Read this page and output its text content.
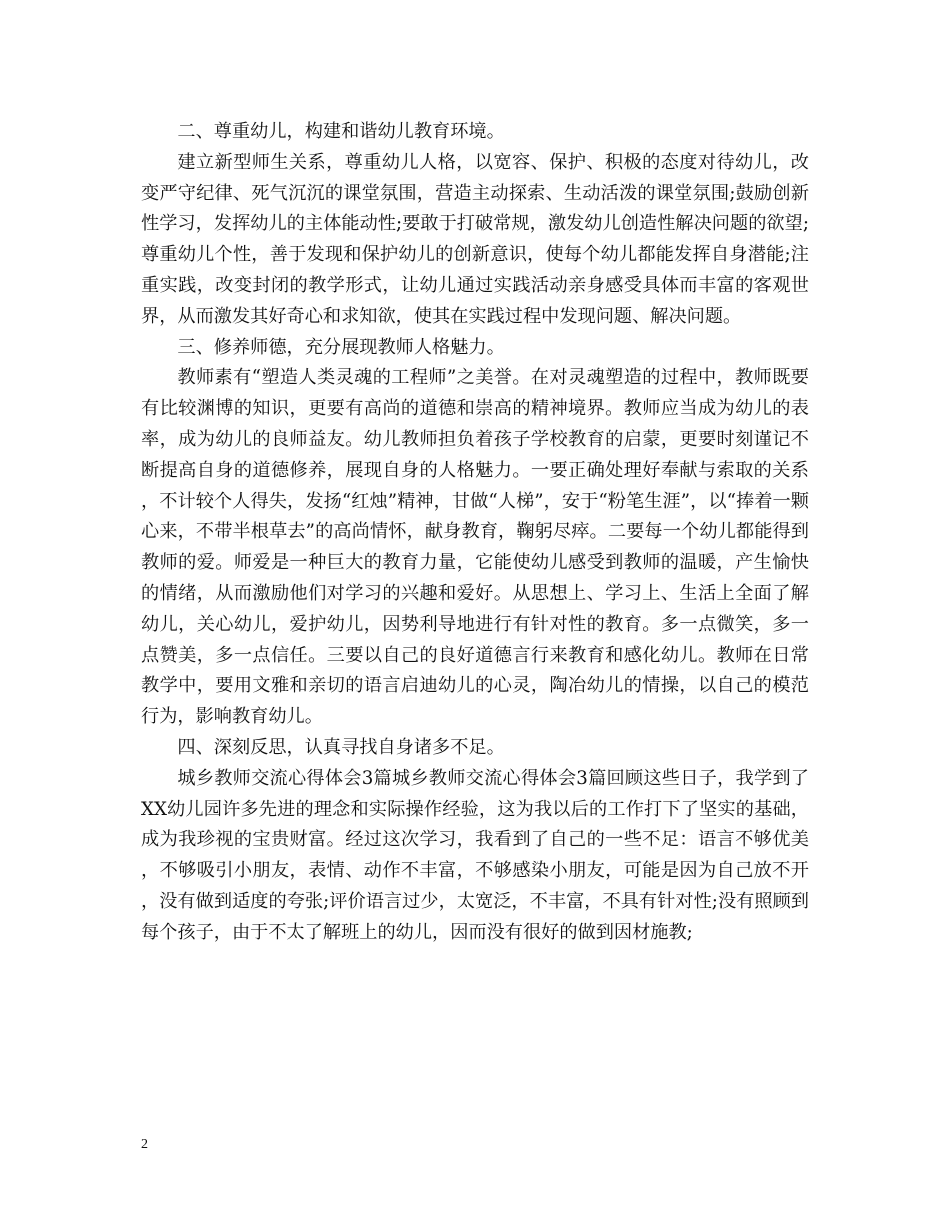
二、尊重幼儿，构建和谐幼儿教育环境。

建立新型师生关系，尊重幼儿人格，以宽容、保护、积极的态度对待幼儿，改变严守纪律、死气沉沉的课堂氛围，营造主动探索、生动活泼的课堂氛围;鼓励创新性学习，发挥幼儿的主体能动性;要敢于打破常规，激发幼儿创造性解决问题的欲望;尊重幼儿个性，善于发现和保护幼儿的创新意识，使每个幼儿都能发挥自身潜能;注重实践，改变封闭的教学形式，让幼儿通过实践活动亲身感受具体而丰富的客观世界，从而激发其好奇心和求知欲，使其在实践过程中发现问题、解决问题。

三、修养师德，充分展现教师人格魅力。

教师素有“塑造人类灵魂的工程师”之美誉。在对灵魂塑造的过程中，教师既要有比较渊博的知识，更要有高尚的道德和崇高的精神境界。教师应当成为幼儿的表率，成为幼儿的良师益友。幼儿教师担负着孩子学校教育的启蒙，更要时刻谨记不断提高自身的道德修养，展现自身的人格魅力。一要正确处理好奉献与索取的关系，不计较个人得失，发扬“红烛”精神，甘做“人梯”，安于“粉笔生涯”，以“捧着一颗心来，不带半根草去”的高尚情怀，献身教育，鞠躬尽瘁。二要每一个幼儿都能得到教师的爱。师爱是一种巨大的教育力量，它能使幼儿感受到教师的温暖，产生愉快的情绪，从而激励他们对学习的兴趣和爱好。从思想上、学习上、生活上全面了解幼儿，关心幼儿，爱护幼儿，因势利导地进行有针对性的教育。多一点微笑，多一点赞美，多一点信任。三要以自己的良好道德言行来教育和感化幼儿。教师在日常教学中，要用文雅和亲切的语言启迪幼儿的心灵，陶冶幼儿的情操，以自己的模范行为，影响教育幼儿。

四、深刻反思，认真寻找自身诸多不足。

城乡教师交流心得体会3篇城乡教师交流心得体会3篇回顾这些日子，我学到了XX幼儿园许多先进的理念和实际操作经验，这为我以后的工作打下了坚实的基础，成为我珍视的宝贵财富。经过这次学习，我看到了自己的一些不足：语言不够优美，不够吸引小朋友，表情、动作不丰富，不够感染小朋友，可能是因为自己放不开，没有做到适度的夸张;评价语言过少，太宽泛，不丰富，不具有针对性;没有照顾到每个孩子，由于不太了解班上的幼儿，因而没有很好的做到因材施教;

2
